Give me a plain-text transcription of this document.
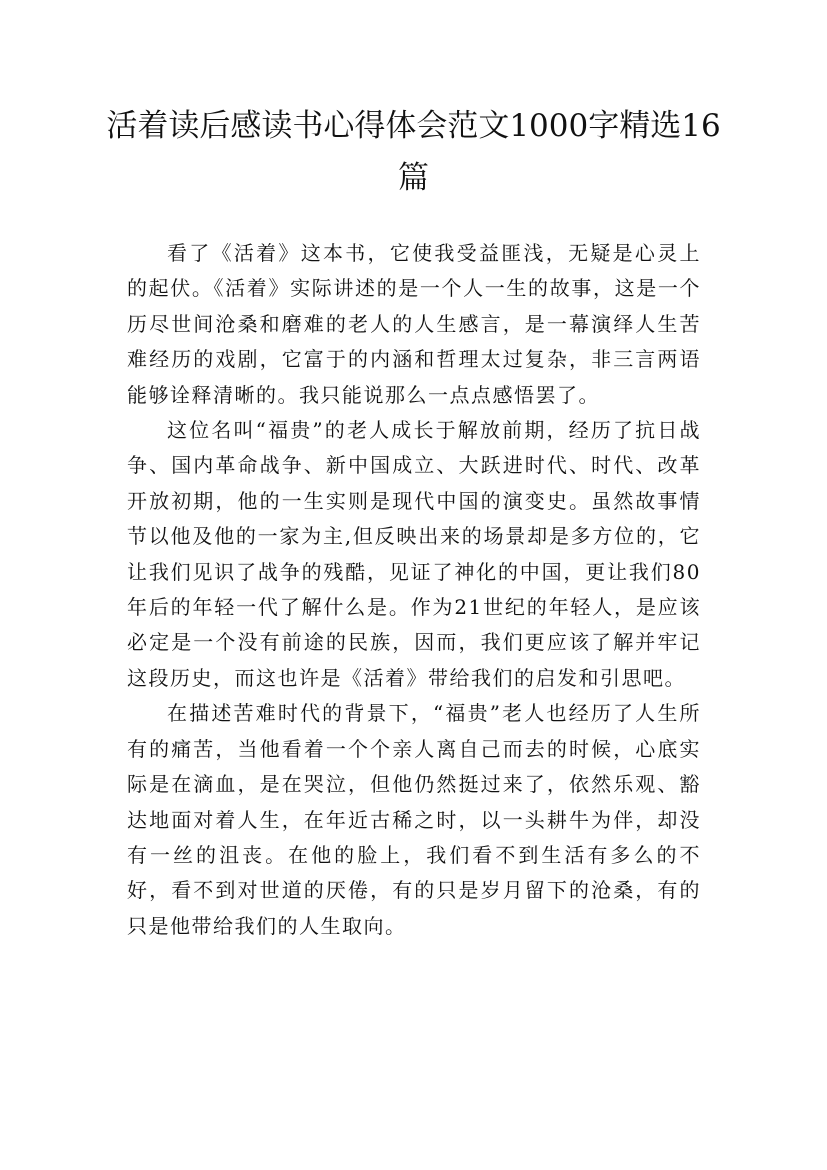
活着读后感读书心得体会范文1000字精选16篇

看了《活着》这本书，它使我受益匪浅，无疑是心灵上的起伏。《活着》实际讲述的是一个人一生的故事，这是一个历尽世间沧桑和磨难的老人的人生感言，是一幕演绎人生苦难经历的戏剧，它富于的内涵和哲理太过复杂，非三言两语能够诠释清晰的。我只能说那么一点点感悟罢了。

这位名叫“福贵”的老人成长于解放前期，经历了抗日战争、国内革命战争、新中国成立、大跃进时代、时代、改革开放初期，他的一生实则是现代中国的演变史。虽然故事情节以他及他的一家为主,但反映出来的场景却是多方位的，它让我们见识了战争的残酷，见证了神化的中国，更让我们80年后的年轻一代了解什么是。作为21世纪的年轻人，是应该必定是一个没有前途的民族，因而，我们更应该了解并牢记这段历史，而这也许是《活着》带给我们的启发和引思吧。

在描述苦难时代的背景下，“福贵”老人也经历了人生所有的痛苦，当他看着一个个亲人离自己而去的时候，心底实际是在滴血，是在哭泣，但他仍然挺过来了，依然乐观、豁达地面对着人生，在年近古稀之时，以一头耕牛为伴，却没有一丝的沮丧。在他的脸上，我们看不到生活有多么的不好，看不到对世道的厌倦，有的只是岁月留下的沧桑，有的只是他带给我们的人生取向。
